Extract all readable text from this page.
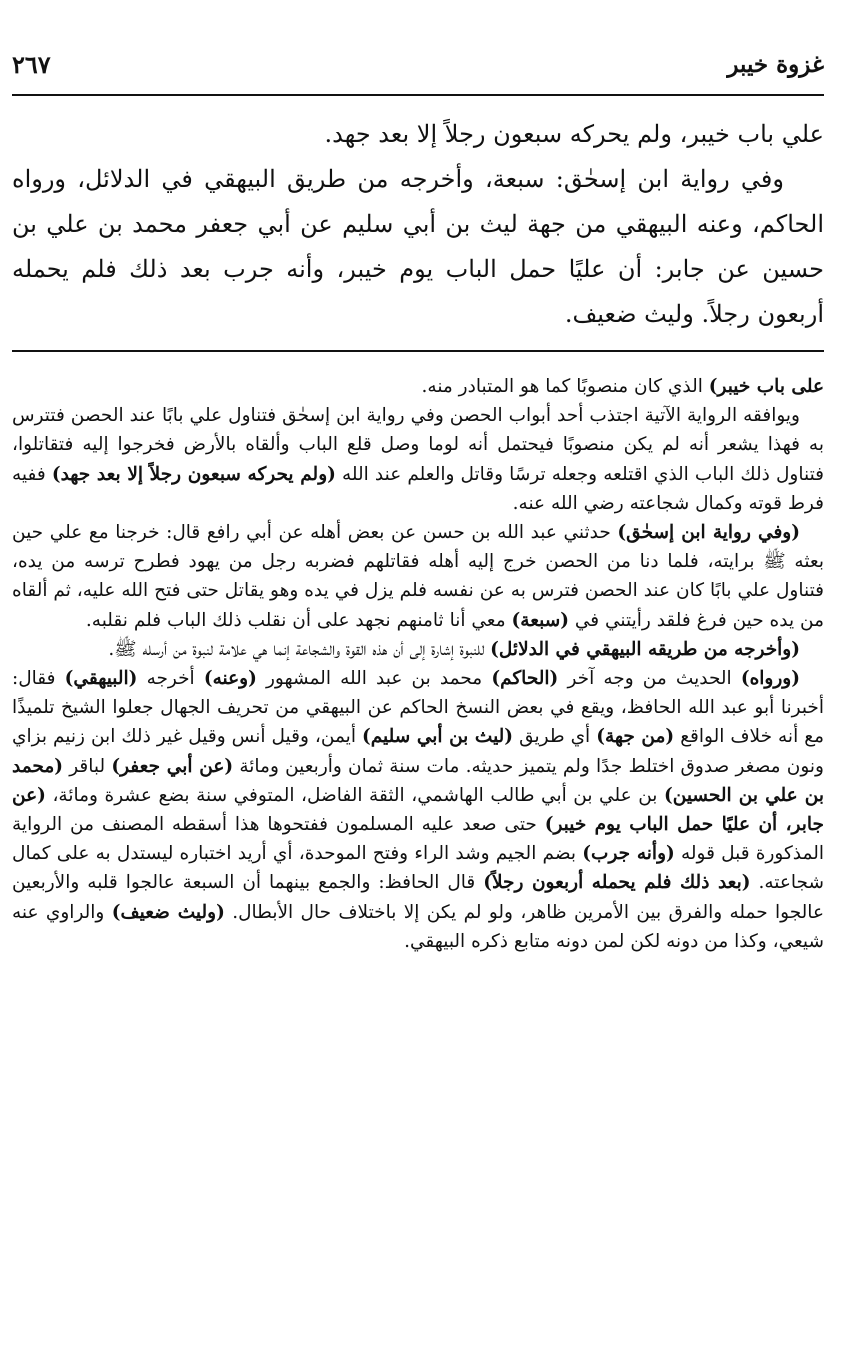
غزوة خيبر
٢٦٧

علي باب خيبر، ولم يحركه سبعون رجلاً إلا بعد جهد.

وفي رواية ابن إسحٰق: سبعة، وأخرجه من طريق البيهقي في الدلائل، ورواه الحاكم، وعنه البيهقي من جهة ليث بن أبي سليم عن أبي جعفر محمد بن علي بن حسين عن جابر: أن عليًا حمل الباب يوم خيبر، وأنه جرب بعد ذلك فلم يحمله أربعون رجلاً. وليث ضعيف.

على باب خيبر) الذي كان منصوبًا كما هو المتبادر منه.

ويوافقه الرواية الآتية اجتذب أحد أبواب الحصن وفي رواية ابن إسحٰق فتناول علي بابًا عند الحصن فتترس به فهذا يشعر أنه لم يكن منصوبًا فيحتمل أنه لوما وصل قلع الباب وألقاه بالأرض فخرجوا إليه فتقاتلوا، فتناول ذلك الباب الذي اقتلعه وجعله ترسًا وقاتل والعلم عند الله (ولم يحركه سبعون رجلاً إلا بعد جهد) ففيه فرط قوته وكمال شجاعته رضي الله عنه.

(وفي رواية ابن إسحٰق) حدثني عبد الله بن حسن عن بعض أهله عن أبي رافع قال: خرجنا مع علي حين بعثه ﷺ برايته، فلما دنا من الحصن خرج إليه أهله فقاتلهم فضربه رجل من يهود فطرح ترسه من يده، فتناول علي بابًا كان عند الحصن فترس به عن نفسه فلم يزل في يده وهو يقاتل حتى فتح الله عليه، ثم ألقاه من يده حين فرغ فلقد رأيتني في (سبعة) معي أنا ثامنهم نجهد على أن نقلب ذلك الباب فلم نقلبه.

(وأخرجه من طريقه البيهقي في الدلائل) للنبوة إشارة إلى أن هذه القوة والشجاعة إنما هي علامة لنبوة من أرسله ﷺ.

(ورواه) الحديث من وجه آخر (الحاكم) محمد بن عبد الله المشهور (وعنه) أخرجه (البيهقي) فقال: أخبرنا أبو عبد الله الحافظ، ويقع في بعض النسخ الحاكم عن البيهقي من تحريف الجهال جعلوا الشيخ تلميذًا مع أنه خلاف الواقع (من جهة) أي طريق (ليث بن أبي سليم) أيمن، وقيل أنس وقيل غير ذلك ابن زنيم بزاي ونون مصغر صدوق اختلط جدًا ولم يتميز حديثه. مات سنة ثمان وأربعين ومائة (عن أبي جعفر) لباقر (محمد بن علي بن الحسين) بن علي بن أبي طالب الهاشمي، الثقة الفاضل، المتوفي سنة بضع عشرة ومائة، (عن جابر، أن عليًا حمل الباب يوم خيبر) حتى صعد عليه المسلمون ففتحوها هذا أسقطه المصنف من الرواية المذكورة قبل قوله (وأنه جرب) بضم الجيم وشد الراء وفتح الموحدة، أي أريد اختباره ليستدل به على كمال شجاعته. (بعد ذلك فلم يحمله أربعون رجلاً) قال الحافظ: والجمع بينهما أن السبعة عالجوا قلبه والأربعين عالجوا حمله والفرق بين الأمرين ظاهر، ولو لم يكن إلا باختلاف حال الأبطال. (وليث ضعيف) والراوي عنه شيعي، وكذا من دونه لكن لمن دونه متابع ذكره البيهقي.
